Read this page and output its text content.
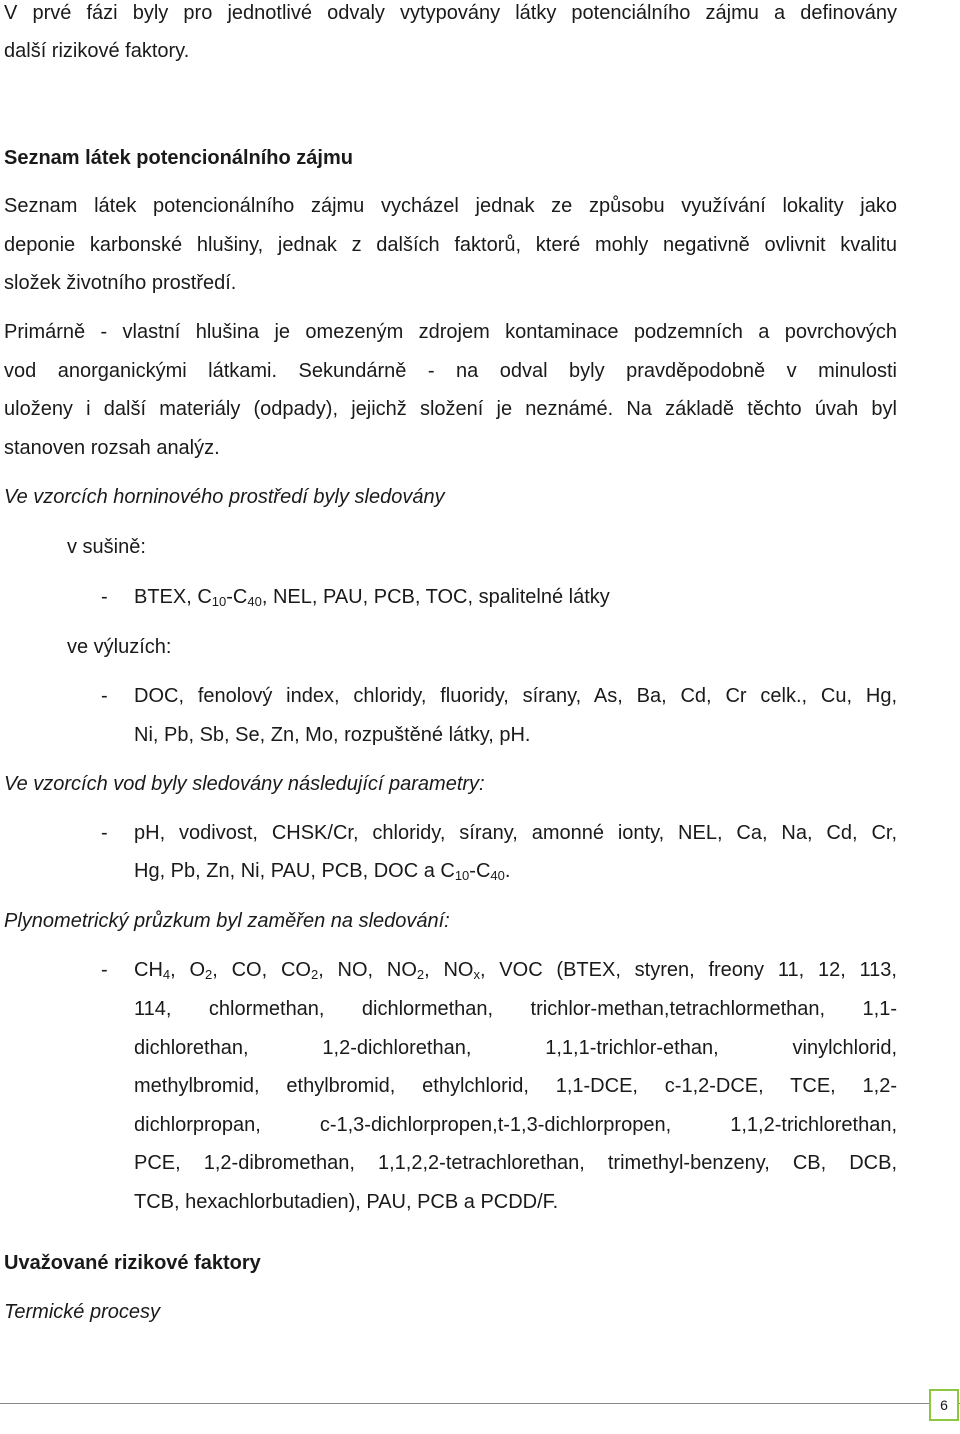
V prvé fázi byly pro jednotlivé odvaly vytypovány látky potenciálního zájmu a definovány
další rizikové faktory.
Seznam látek potencionálního zájmu
Seznam látek potencionálního zájmu vycházel jednak ze způsobu využívání lokality jako
deponie karbonské hlušiny, jednak z dalších faktorů, které mohly negativně ovlivnit kvalitu
složek životního prostředí.
Primárně - vlastní hlušina je omezeným zdrojem kontaminace podzemních a povrchových
vod anorganickými látkami. Sekundárně - na odval byly pravděpodobně v minulosti
uloženy i další materiály (odpady), jejichž složení je neznámé. Na základě těchto úvah byl
stanoven rozsah analýz.
Ve vzorcích horninového prostředí byly sledovány
v sušině:
- BTEX, $C_{10}-C_{40}$, NEL, PAU, PCB, TOC, spalitelné látky
ve výluzích:
- DOC, fenolový index, chloridy, fluoridy, sírany, As, Ba, Cd, Cr celk., Cu, Hg,
Ni, Pb, Sb, Se, Zn, Mo, rozpuštěné látky, pH.
Ve vzorcích vod byly sledovány následující parametry:
- pH, vodivost, CHSK/Cr, chloridy, sírany, amonné ionty, NEL, Ca, Na, Cd, Cr,
Hg, Pb, Zn, Ni, PAU, PCB, DOC a $C_{10}-C_{40}$.
Plynometrický průzkum byl zaměřen na sledování:
- $CH_4$, $O_2$, CO, $CO_2$, NO, $NO_2$, $NO_x$, VOC (BTEX, styren, freony 11, 12, 113,
114, chlormethan, dichlormethan, trichlor-methan,tetrachlormethan, 1,1-
dichlorethan, 1,2-dichlorethan, 1,1,1-trichlor-ethan, vinylchlorid,
methylbromid, ethylbromid, ethylchlorid, 1,1-DCE, c-1,2-DCE, TCE, 1,2-
dichlorpropan, c-1,3-dichlorpropen,t-1,3-dichlorpropen, 1,1,2-trichlorethan,
PCE, 1,2-dibromethan, 1,1,2,2-tetrachlorethan, trimethyl-benzeny, CB, DCB,
TCB, hexachlorbutadien), PAU, PCB a PCDD/F.
Uvažované rizikové faktory
Termické procesy
6
